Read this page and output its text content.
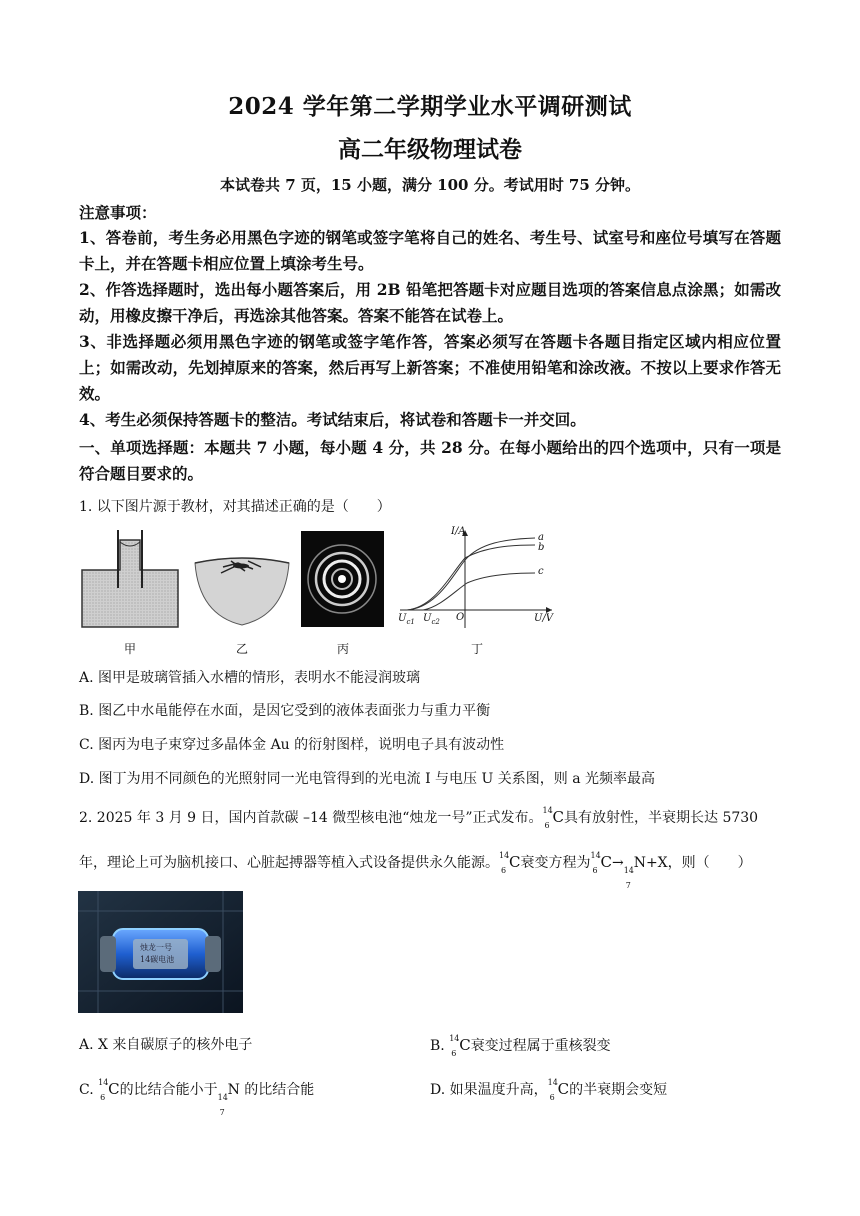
2024 学年第二学期学业水平调研测试
高二年级物理试卷
本试卷共 7 页，15 小题，满分 100 分。考试用时 75 分钟。
注意事项：
1、答卷前，考生务必用黑色字迹的钢笔或签字笔将自己的姓名、考生号、试室号和座位号填写在答题卡上，并在答题卡相应位置上填涂考生号。
2、作答选择题时，选出每小题答案后，用 2B 铅笔把答题卡对应题目选项的答案信息点涂黑；如需改动，用橡皮擦干净后，再选涂其他答案。答案不能答在试卷上。
3、非选择题必须用黑色字迹的钢笔或签字笔作答，答案必须写在答题卡各题目指定区域内相应位置上；如需改动，先划掉原来的答案，然后再写上新答案；不准使用铅笔和涂改液。不按以上要求作答无效。
4、考生必须保持答题卡的整洁。考试结束后，将试卷和答题卡一并交回。
一、单项选择题：本题共 7 小题，每小题 4 分，共 28 分。在每小题给出的四个选项中，只有一项是符合题目要求的。
1. 以下图片源于教材，对其描述正确的是（　　）
甲	乙	丙
I/A
U/V
O
a
b
c
$U_{c1}$ $U_{c2}$
丁
A. 图甲是玻璃管插入水槽的情形，表明水不能浸润玻璃
B. 图乙中水黾能停在水面，是因它受到的液体表面张力与重力平衡
C. 图丙为电子束穿过多晶体金 Au 的衍射图样，说明电子具有波动性
D. 图丁为用不同颜色的光照射同一光电管得到的光电流 I 与电压 U 关系图，则 a 光频率最高
2. 2025 年 3 月 9 日，国内首款碳 –14 微型核电池“烛龙一号”正式发布。 14
6 C具有放射性，半衰期长达 5730
年，理论上可为脑机接口、心脏起搏器等植入式设备提供永久能源。 14
6 C衰变方程为 14
6 C→ 14
7
N+X，则（　　）
烛龙一号
14碳电池
A. X 来自碳原子的核外电子	B. 14
6 C衰变过程属于重核裂变
C. 14
6 C的比结合能小于 14
7
N 的比结合能	D. 如果温度升高， 14
6 C的半衰期会变短
